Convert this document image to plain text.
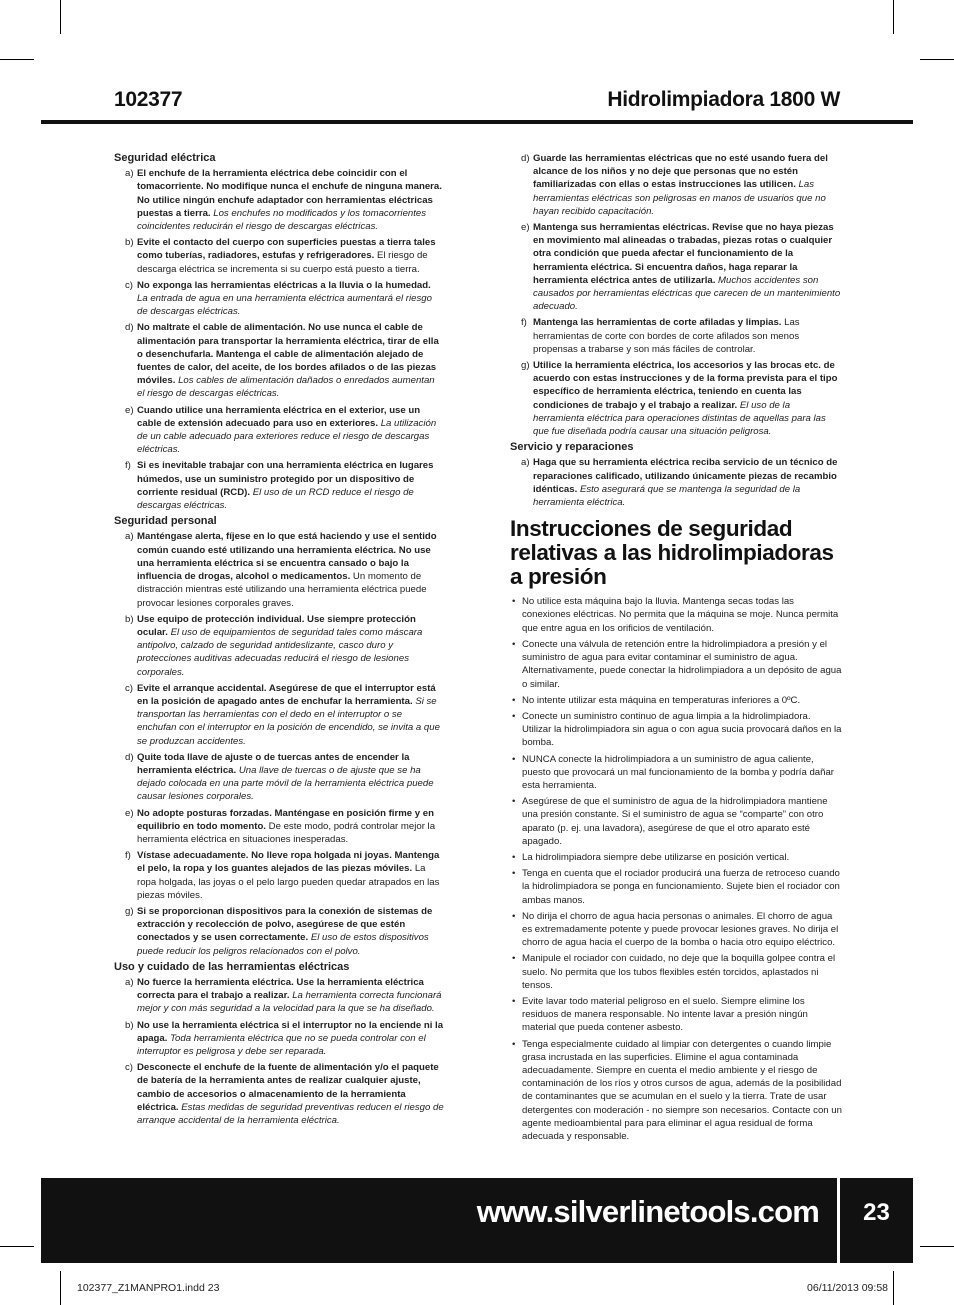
102377	Hidrolimpiadora 1800 W
Seguridad eléctrica
a) El enchufe de la herramienta eléctrica debe coincidir con el tomacorriente. No modifique nunca el enchufe de ninguna manera. No utilice ningún enchufe adaptador con herramientas eléctricas puestas a tierra. Los enchufes no modificados y los tomacorrientes coincidentes reducirán el riesgo de descargas eléctricas.
b) Evite el contacto del cuerpo con superficies puestas a tierra tales como tuberías, radiadores, estufas y refrigeradores. El riesgo de descarga eléctrica se incrementa si su cuerpo está puesto a tierra.
c) No exponga las herramientas eléctricas a la lluvia o la humedad. La entrada de agua en una herramienta eléctrica aumentará el riesgo de descargas eléctricas.
d) No maltrate el cable de alimentación. No use nunca el cable de alimentación para transportar la herramienta eléctrica, tirar de ella o desenchufarla. Mantenga el cable de alimentación alejado de fuentes de calor, del aceite, de los bordes afilados o de las piezas móviles. Los cables de alimentación dañados o enredados aumentan el riesgo de descargas eléctricas.
e) Cuando utilice una herramienta eléctrica en el exterior, use un cable de extensión adecuado para uso en exteriores. La utilización de un cable adecuado para exteriores reduce el riesgo de descargas eléctricas.
f) Si es inevitable trabajar con una herramienta eléctrica en lugares húmedos, use un suministro protegido por un dispositivo de corriente residual (RCD). El uso de un RCD reduce el riesgo de descargas eléctricas.
Seguridad personal
a) Manténgase alerta, fíjese en lo que está haciendo y use el sentido común cuando esté utilizando una herramienta eléctrica. No use una herramienta eléctrica si se encuentra cansado o bajo la influencia de drogas, alcohol o medicamentos. Un momento de distracción mientras esté utilizando una herramienta eléctrica puede provocar lesiones corporales graves.
b) Use equipo de protección individual. Use siempre protección ocular. El uso de equipamientos de seguridad tales como máscara antipolvo, calzado de seguridad antideslizante, casco duro y protecciones auditivas adecuadas reducirá el riesgo de lesiones corporales.
c) Evite el arranque accidental. Asegúrese de que el interruptor está en la posición de apagado antes de enchufar la herramienta. Si se transportan las herramientas con el dedo en el interruptor o se enchufan con el interruptor en la posición de encendido, se invita a que se produzcan accidentes.
d) Quite toda llave de ajuste o de tuercas antes de encender la herramienta eléctrica. Una llave de tuercas o de ajuste que se ha dejado colocada en una parte móvil de la herramienta eléctrica puede causar lesiones corporales.
e) No adopte posturas forzadas. Manténgase en posición firme y en equilibrio en todo momento. De este modo, podrá controlar mejor la herramienta eléctrica en situaciones inesperadas.
f) Vístase adecuadamente. No lleve ropa holgada ni joyas. Mantenga el pelo, la ropa y los guantes alejados de las piezas móviles. La ropa holgada, las joyas o el pelo largo pueden quedar atrapados en las piezas móviles.
g) Si se proporcionan dispositivos para la conexión de sistemas de extracción y recolección de polvo, asegúrese de que estén conectados y se usen correctamente. El uso de estos dispositivos puede reducir los peligros relacionados con el polvo.
Uso y cuidado de las herramientas eléctricas
a) No fuerce la herramienta eléctrica. Use la herramienta eléctrica correcta para el trabajo a realizar. La herramienta correcta funcionará mejor y con más seguridad a la velocidad para la que se ha diseñado.
b) No use la herramienta eléctrica si el interruptor no la enciende ni la apaga. Toda herramienta eléctrica que no se pueda controlar con el interruptor es peligrosa y debe ser reparada.
c) Desconecte el enchufe de la fuente de alimentación y/o el paquete de batería de la herramienta antes de realizar cualquier ajuste, cambio de accesorios o almacenamiento de la herramienta eléctrica. Estas medidas de seguridad preventivas reducen el riesgo de arranque accidental de la herramienta eléctrica.
d) Guarde las herramientas eléctricas que no esté usando fuera del alcance de los niños y no deje que personas que no estén familiarizadas con ellas o estas instrucciones las utilicen. Las herramientas eléctricas son peligrosas en manos de usuarios que no hayan recibido capacitación.
e) Mantenga sus herramientas eléctricas. Revise que no haya piezas en movimiento mal alineadas o trabadas, piezas rotas o cualquier otra condición que pueda afectar el funcionamiento de la herramienta eléctrica. Si encuentra daños, haga reparar la herramienta eléctrica antes de utilizarla. Muchos accidentes son causados por herramientas eléctricas que carecen de un mantenimiento adecuado.
f) Mantenga las herramientas de corte afiladas y limpias. Las herramientas de corte con bordes de corte afilados son menos propensas a trabarse y son más fáciles de controlar.
g) Utilice la herramienta eléctrica, los accesorios y las brocas etc. de acuerdo con estas instrucciones y de la forma prevista para el tipo específico de herramienta eléctrica, teniendo en cuenta las condiciones de trabajo y el trabajo a realizar. El uso de la herramienta eléctrica para operaciones distintas de aquellas para las que fue diseñada podría causar una situación peligrosa.
Servicio y reparaciones
a) Haga que su herramienta eléctrica reciba servicio de un técnico de reparaciones calificado, utilizando únicamente piezas de recambio idénticas. Esto asegurará que se mantenga la seguridad de la herramienta eléctrica.
Instrucciones de seguridad relativas a las hidrolimpiadoras a presión
• No utilice esta máquina bajo la lluvia. Mantenga secas todas las conexiones eléctricas. No permita que la máquina se moje. Nunca permita que entre agua en los orificios de ventilación.
• Conecte una válvula de retención entre la hidrolimpiadora a presión y el suministro de agua para evitar contaminar el suministro de agua. Alternativamente, puede conectar la hidrolimpiadora a un depósito de agua o similar.
• No intente utilizar esta máquina en temperaturas inferiores a 0ºC.
• Conecte un suministro continuo de agua limpia a la hidrolimpiadora. Utilizar la hidrolimpiadora sin agua o con agua sucia provocará daños en la bomba.
• NUNCA conecte la hidrolimpiadora a un suministro de agua caliente, puesto que provocará un mal funcionamiento de la bomba y podría dañar esta herramienta.
• Asegúrese de que el suministro de agua de la hidrolimpiadora mantiene una presión constante. Si el suministro de agua se “comparte” con otro aparato (p. ej. una lavadora), asegúrese de que el otro aparato esté apagado.
• La hidrolimpiadora siempre debe utilizarse en posición vertical.
• Tenga en cuenta que el rociador producirá una fuerza de retroceso cuando la hidrolimpiadora se ponga en funcionamiento. Sujete bien el rociador con ambas manos.
• No dirija el chorro de agua hacia personas o animales. El chorro de agua es extremadamente potente y puede provocar lesiones graves. No dirija el chorro de agua hacia el cuerpo de la bomba o hacia otro equipo eléctrico.
• Manipule el rociador con cuidado, no deje que la boquilla golpee contra el suelo. No permita que los tubos flexibles estén torcidos, aplastados ni tensos.
• Evite lavar todo material peligroso en el suelo. Siempre elimine los residuos de manera responsable. No intente lavar a presión ningún material que pueda contener asbesto.
• Tenga especialmente cuidado al limpiar con detergentes o cuando limpie grasa incrustada en las superficies. Elimine el agua contaminada adecuadamente. Siempre en cuenta el medio ambiente y el riesgo de contaminación de los ríos y otros cursos de agua, además de la posibilidad de contaminantes que se acumulan en el suelo y la tierra. Trate de usar detergentes con moderación - no siempre son necesarios. Contacte con un agente medioambiental para para eliminar el agua residual de forma adecuada y responsable.
www.silverlinetools.com	23
102377_Z1MANPRO1.indd 23	06/11/2013 09:58
